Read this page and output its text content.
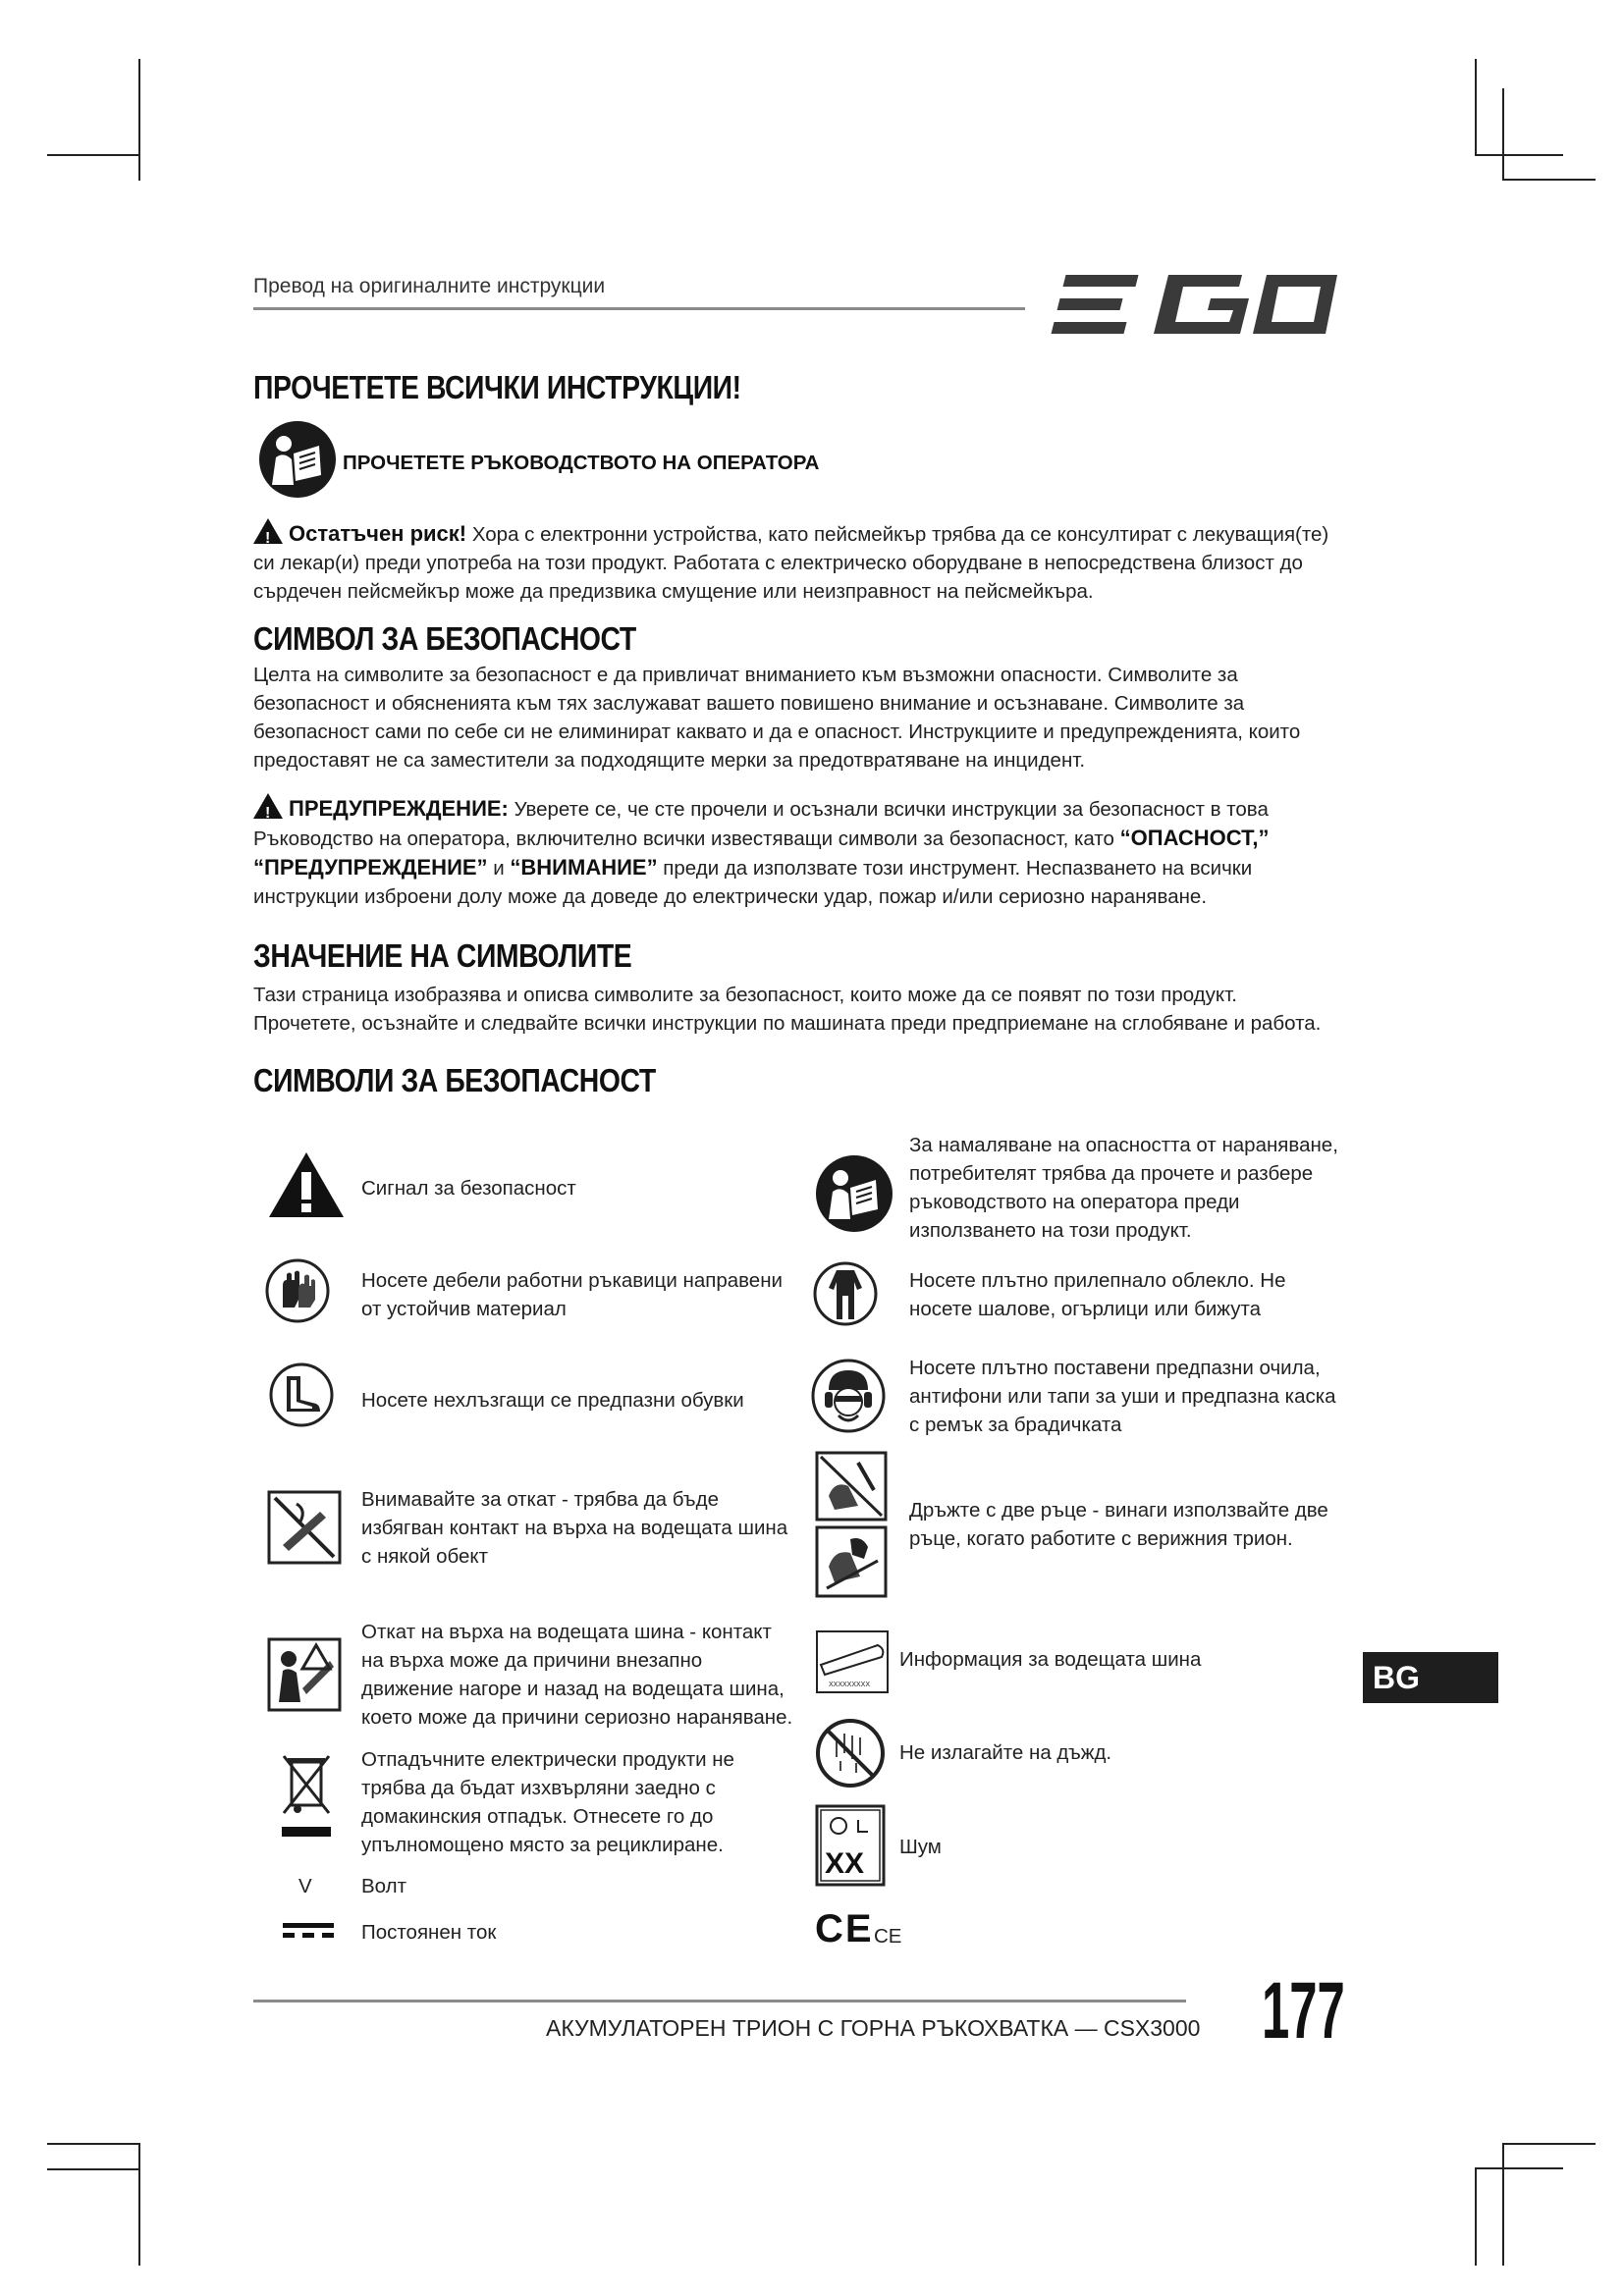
Превод на оригиналните инструкции
ПРОЧЕТЕТЕ ВСИЧКИ ИНСТРУКЦИИ!
ПРОЧЕТЕТЕ РЪКОВОДСТВОТО НА ОПЕРАТОРА
!Остатъчен риск! Хора с електронни устройства, като пейсмейкър трябва да се консултират с лекуващия(те)
си лекар(и) преди употреба на този продукт. Работата с електрическо оборудване в непосредствена близост до
сърдечен пейсмейкър може да предизвика смущение или неизправност на пейсмейкъра.
СИМВОЛ ЗА БЕЗОПАСНОСТ
Целта на символите за безопасност е да привличат вниманието към възможни опасности. Символите за
безопасност и обясненията към тях заслужават вашето повишено внимание и осъзнаване. Символите за
безопасност сами по себе си не елиминират каквато и да е опасност. Инструкциите и предупрежденията, които
предоставят не са заместители за подходящите мерки за предотвратяване на инцидент.
!ПРЕДУПРЕЖДЕНИЕ: Уверете се, че сте прочели и осъзнали всички инструкции за безопасност в това
Ръководство на оператора, включително всички известяващи символи за безопасност, като “ОПАСНОСТ,”
“ПРЕДУПРЕЖДЕНИЕ” и “ВНИМАНИЕ” преди да използвате този инструмент. Неспазването на всички
инструкции изброени долу може да доведе до електрически удар, пожар и/или сериозно нараняване.
ЗНАЧЕНИЕ НА СИМВОЛИТЕ
Тази страница изобразява и описва символите за безопасност, които може да се появят по този продукт.
Прочетете, осъзнайте и следвайте всички инструкции по машината преди предприемане на сглобяване и работа.
СИМВОЛИ ЗА БЕЗОПАСНОСТ
Сигнал за безопасност
Носете дебели работни ръкавици направени
от устойчив материал
Носете нехлъзгащи се предпазни обувки
Внимавайте за откат - трябва да бъде
избягван контакт на върха на водещата шина
с някой обект
Откат на върха на водещата шина - контакт
на върха може да причини внезапно
движение нагоре и назад на водещата шина,
което може да причини сериозно нараняване.
Отпадъчните електрически продукти не
трябва да бъдат изхвърляни заедно с
домакинския отпадък. Отнесете го до
упълномощено място за рециклиране.
V Волт
Постоянен ток
За намаляване на опасността от нараняване,
потребителят трябва да прочете и разбере
ръководството на оператора преди
използването на този продукт.
Носете плътно прилепнало облекло. Не
носете шалове, огърлици или бижута
Носете плътно поставени предпазни очила,
антифони или тапи за уши и предпазна каска
с ремък за брадичката
Дръжте с две ръце - винаги използвайте две
ръце, когато работите с верижния трион.
XXXXXXXXX
Информация за водещата шина
Не излагайте на дъжд.
XX
Шум
CE CE
BG
АКУМУЛАТОРЕН ТРИОН С ГОРНА РЪКОХВАТКА — CSX3000 177
